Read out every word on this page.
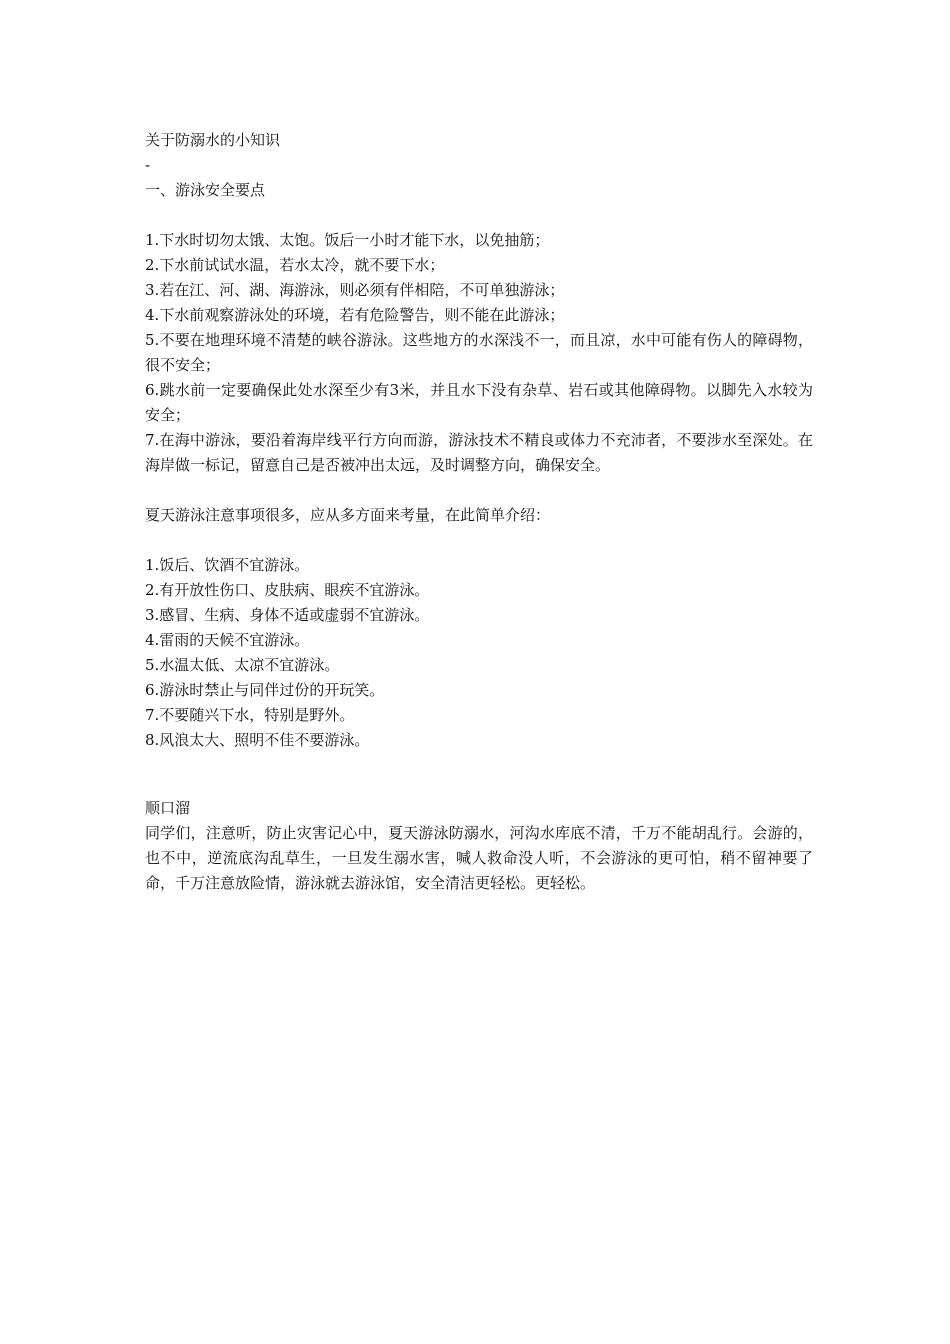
关于防溺水的小知识

-

一、游泳安全要点

1.下水时切勿太饿、太饱。饭后一小时才能下水，以免抽筋；

2.下水前试试水温，若水太冷，就不要下水；

3.若在江、河、湖、海游泳，则必须有伴相陪，不可单独游泳；

4.下水前观察游泳处的环境，若有危险警告，则不能在此游泳；

5.不要在地理环境不清楚的峡谷游泳。这些地方的水深浅不一，而且凉，水中可能有伤人的障碍物，很不安全；

6.跳水前一定要确保此处水深至少有3米，并且水下没有杂草、岩石或其他障碍物。以脚先入水较为安全；

7.在海中游泳，要沿着海岸线平行方向而游，游泳技术不精良或体力不充沛者，不要涉水至深处。在海岸做一标记，留意自己是否被冲出太远，及时调整方向，确保安全。

夏天游泳注意事项很多，应从多方面来考量，在此简单介绍：

1.饭后、饮酒不宜游泳。

2.有开放性伤口、皮肤病、眼疾不宜游泳。

3.感冒、生病、身体不适或虚弱不宜游泳。

4.雷雨的天候不宜游泳。

5.水温太低、太凉不宜游泳。

6.游泳时禁止与同伴过份的开玩笑。

7.不要随兴下水，特别是野外。

8.风浪太大、照明不佳不要游泳。

顺口溜

同学们，注意听，防止灾害记心中，夏天游泳防溺水，河沟水库底不清，千万不能胡乱行。会游的，也不中，逆流底沟乱草生，一旦发生溺水害，喊人救命没人听，不会游泳的更可怕，稍不留神要了命，千万注意放险情，游泳就去游泳馆，安全清洁更轻松。更轻松。
